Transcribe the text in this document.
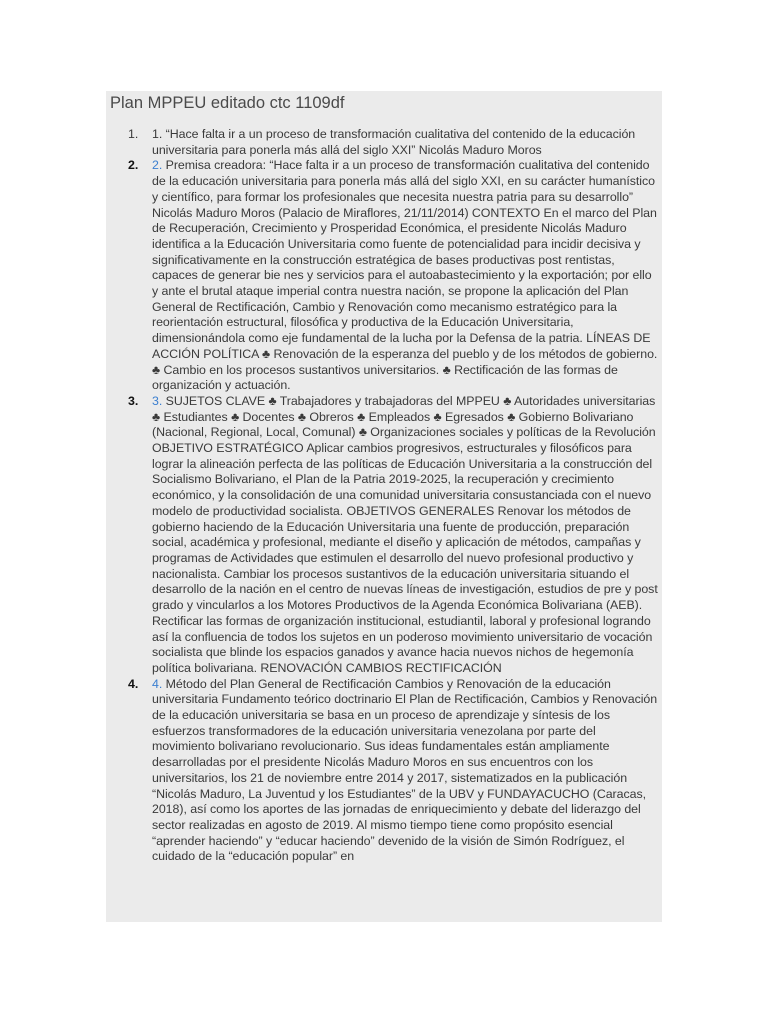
Plan MPPEU editado ctc 1109df
1.	1. “Hace falta ir a un proceso de transformación cualitativa del contenido de la educación universitaria para ponerla más allá del siglo XXI” Nicolás Maduro Moros
2.	2. Premisa creadora: “Hace falta ir a un proceso de transformación cualitativa del contenido de la educación universitaria para ponerla más allá del siglo XXI, en su carácter humanístico y científico, para formar los profesionales que necesita nuestra patria para su desarrollo” Nicolás Maduro Moros (Palacio de Miraflores, 21/11/2014) CONTEXTO En el marco del Plan de Recuperación, Crecimiento y Prosperidad Económica, el presidente Nicolás Maduro identifica a la Educación Universitaria como fuente de potencialidad para incidir decisiva y significativamente en la construcción estratégica de bases productivas post rentistas, capaces de generar bie nes y servicios para el autoabastecimiento y la exportación; por ello y ante el brutal ataque imperial contra nuestra nación, se propone la aplicación del Plan General de Rectificación, Cambio y Renovación como mecanismo estratégico para la reorientación estructural, filosófica y productiva de la Educación Universitaria, dimensionándola como eje fundamental de la lucha por la Defensa de la patria. LÍNEAS DE ACCIÓN POLÍTICA ♣ Renovación de la esperanza del pueblo y de los métodos de gobierno. ♣ Cambio en los procesos sustantivos universitarios. ♣ Rectificación de las formas de organización y actuación.
3.	3. SUJETOS CLAVE ♣ Trabajadores y trabajadoras del MPPEU ♣ Autoridades universitarias ♣ Estudiantes ♣ Docentes ♣ Obreros ♣ Empleados ♣ Egresados ♣ Gobierno Bolivariano (Nacional, Regional, Local, Comunal) ♣ Organizaciones sociales y políticas de la Revolución OBJETIVO ESTRATÉGICO Aplicar cambios progresivos, estructurales y filosóficos para lograr la alineación perfecta de las políticas de Educación Universitaria a la construcción del Socialismo Bolivariano, el Plan de la Patria 2019-2025, la recuperación y crecimiento económico, y la consolidación de una comunidad universitaria consustanciada con el nuevo modelo de productividad socialista. OBJETIVOS GENERALES Renovar los métodos de gobierno haciendo de la Educación Universitaria una fuente de producción, preparación social, académica y profesional, mediante el diseño y aplicación de métodos, campañas y programas de Actividades que estimulen el desarrollo del nuevo profesional productivo y nacionalista. Cambiar los procesos sustantivos de la educación universitaria situando el desarrollo de la nación en el centro de nuevas líneas de investigación, estudios de pre y post grado y vincularlos a los Motores Productivos de la Agenda Económica Bolivariana (AEB). Rectificar las formas de organización institucional, estudiantil, laboral y profesional logrando así la confluencia de todos los sujetos en un poderoso movimiento universitario de vocación socialista que blinde los espacios ganados y avance hacia nuevos nichos de hegemonía política bolivariana. RENOVACIÓN CAMBIOS RECTIFICACIÓN
4.	4. Método del Plan General de Rectificación Cambios y Renovación de la educación universitaria Fundamento teórico doctrinario El Plan de Rectificación, Cambios y Renovación de la educación universitaria se basa en un proceso de aprendizaje y síntesis de los esfuerzos transformadores de la educación universitaria venezolana por parte del movimiento bolivariano revolucionario. Sus ideas fundamentales están ampliamente desarrolladas por el presidente Nicolás Maduro Moros en sus encuentros con los universitarios, los 21 de noviembre entre 2014 y 2017, sistematizados en la publicación “Nicolás Maduro, La Juventud y los Estudiantes” de la UBV y FUNDAYACUCHO (Caracas, 2018), así como los aportes de las jornadas de enriquecimiento y debate del liderazgo del sector realizadas en agosto de 2019. Al mismo tiempo tiene como propósito esencial “aprender haciendo” y “educar haciendo” devenido de la visión de Simón Rodríguez, el cuidado de la “educación popular” en
